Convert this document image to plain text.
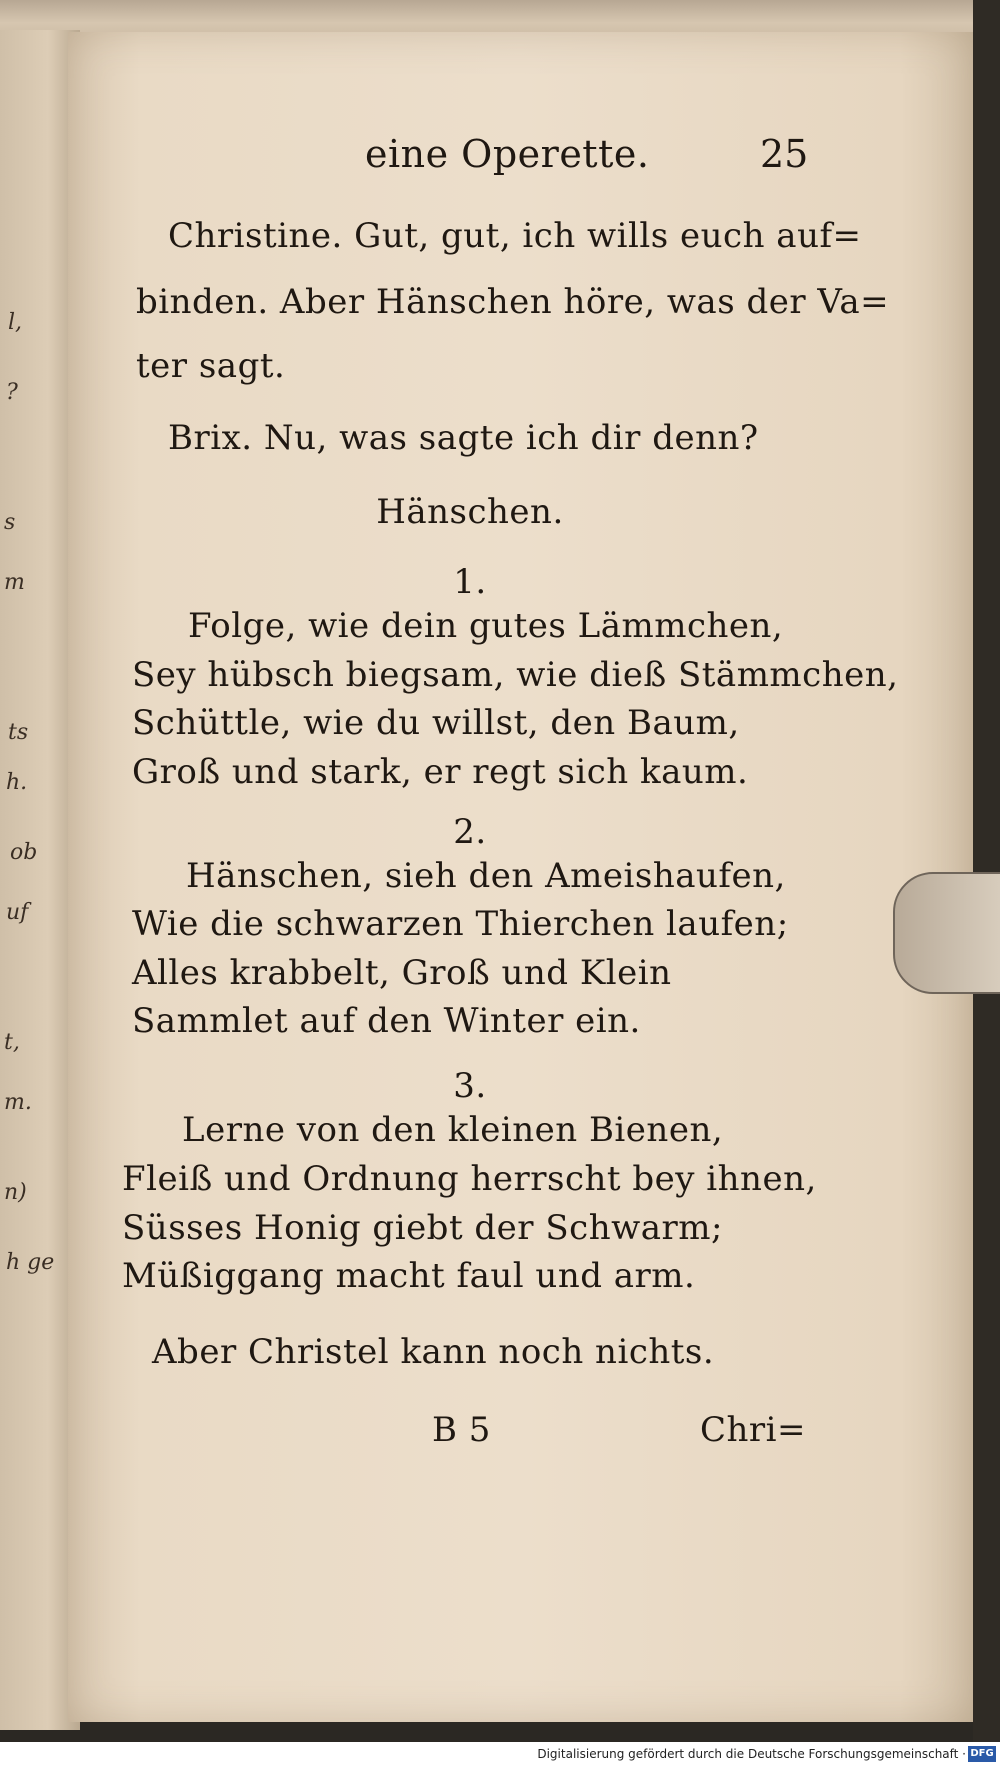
l,
?
s
m
ts
h.
ob
uf
t,
m.
n)
h ge
eine Operette.	25
Christine. Gut, gut, ich wills euch auf=
binden. Aber Hänschen höre, was der Va=
ter sagt.
Brix. Nu, was sagte ich dir denn?
Hänschen.
1.
Folge, wie dein gutes Lämmchen,
Sey hübsch biegsam, wie dieß Stämmchen,
Schüttle, wie du willst, den Baum,
Groß und stark, er regt sich kaum.
2.
Hänschen, sieh den Ameishaufen,
Wie die schwarzen Thierchen laufen;
Alles krabbelt, Groß und Klein
Sammlet auf den Winter ein.
3.
Lerne von den kleinen Bienen,
Fleiß und Ordnung herrscht bey ihnen,
Süsses Honig giebt der Schwarm;
Müßiggang macht faul und arm.
Aber Christel kann noch nichts.
B 5	Chri=
Digitalisierung gefördert durch die Deutsche Forschungsgemeinschaft · DFG
